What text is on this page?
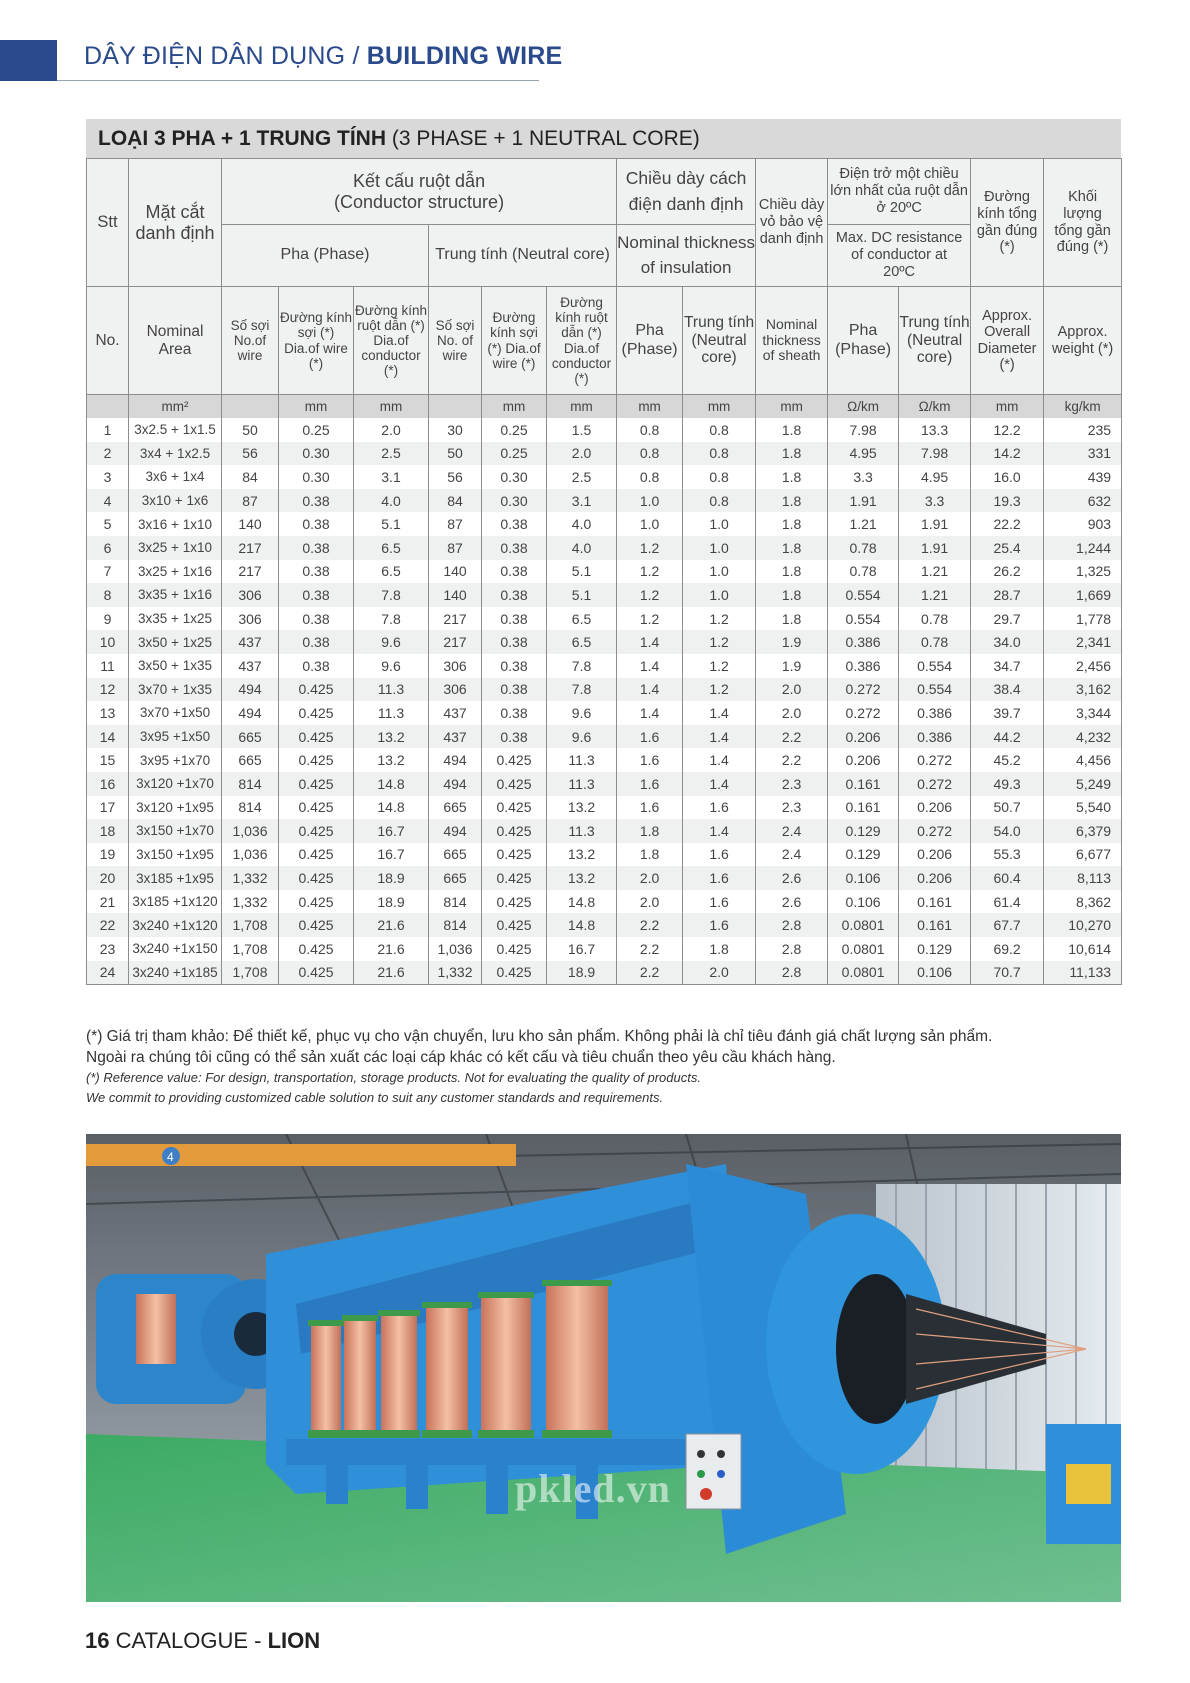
DÂY ĐIỆN DÂN DỤNG / BUILDING WIRE
LOẠI 3 PHA + 1 TRUNG TÍNH (3 PHASE + 1 NEUTRAL CORE)
Stt	Mặt cắt danh định	Kết cấu ruột dẫn
(Conductor structure)						Chiều dày cách điện danh định		Chiều dày vỏ bảo vệ danh định	Điện trở một chiều lớn nhất của ruột dẫn ở 20ºC		Đường kính tổng gần đúng (*)	Khối lượng tổng gần đúng (*)
		Pha (Phase)			Trung tính (Neutral core)			Nominal thickness of insulation			Max. DC resistance of conductor at 20ºC			
No.	Nominal Area	Số sợi No.of wire	Đường kính sợi (*) Dia.of wire (*)	Đường kính ruột dẫn (*) Dia.of conductor (*)	Số sợi No. of wire	Đường kính sợi (*) Dia.of wire (*)	Đường kính ruột dẫn (*) Dia.of conductor (*)	Pha (Phase)	Trung tính (Neutral core)	Nominal thickness of sheath	Pha (Phase)	Trung tính (Neutral core)	Approx. Overall Diameter (*)	Approx. weight (*)
	mm²		mm	mm		mm	mm	mm	mm	mm	Ω/km	Ω/km	mm	kg/km
1	3x2.5 + 1x1.5	50	0.25	2.0	30	0.25	1.5	0.8	0.8	1.8	7.98	13.3	12.2	235
2	3x4 + 1x2.5	56	0.30	2.5	50	0.25	2.0	0.8	0.8	1.8	4.95	7.98	14.2	331
3	3x6 + 1x4	84	0.30	3.1	56	0.30	2.5	0.8	0.8	1.8	3.3	4.95	16.0	439
4	3x10 + 1x6	87	0.38	4.0	84	0.30	3.1	1.0	0.8	1.8	1.91	3.3	19.3	632
5	3x16 + 1x10	140	0.38	5.1	87	0.38	4.0	1.0	1.0	1.8	1.21	1.91	22.2	903
6	3x25 + 1x10	217	0.38	6.5	87	0.38	4.0	1.2	1.0	1.8	0.78	1.91	25.4	1,244
7	3x25 + 1x16	217	0.38	6.5	140	0.38	5.1	1.2	1.0	1.8	0.78	1.21	26.2	1,325
8	3x35 + 1x16	306	0.38	7.8	140	0.38	5.1	1.2	1.0	1.8	0.554	1.21	28.7	1,669
9	3x35 + 1x25	306	0.38	7.8	217	0.38	6.5	1.2	1.2	1.8	0.554	0.78	29.7	1,778
10	3x50 + 1x25	437	0.38	9.6	217	0.38	6.5	1.4	1.2	1.9	0.386	0.78	34.0	2,341
11	3x50 + 1x35	437	0.38	9.6	306	0.38	7.8	1.4	1.2	1.9	0.386	0.554	34.7	2,456
12	3x70 + 1x35	494	0.425	11.3	306	0.38	7.8	1.4	1.2	2.0	0.272	0.554	38.4	3,162
13	3x70 +1x50	494	0.425	11.3	437	0.38	9.6	1.4	1.4	2.0	0.272	0.386	39.7	3,344
14	3x95 +1x50	665	0.425	13.2	437	0.38	9.6	1.6	1.4	2.2	0.206	0.386	44.2	4,232
15	3x95 +1x70	665	0.425	13.2	494	0.425	11.3	1.6	1.4	2.2	0.206	0.272	45.2	4,456
16	3x120 +1x70	814	0.425	14.8	494	0.425	11.3	1.6	1.4	2.3	0.161	0.272	49.3	5,249
17	3x120 +1x95	814	0.425	14.8	665	0.425	13.2	1.6	1.6	2.3	0.161	0.206	50.7	5,540
18	3x150 +1x70	1,036	0.425	16.7	494	0.425	11.3	1.8	1.4	2.4	0.129	0.272	54.0	6,379
19	3x150 +1x95	1,036	0.425	16.7	665	0.425	13.2	1.8	1.6	2.4	0.129	0.206	55.3	6,677
20	3x185 +1x95	1,332	0.425	18.9	665	0.425	13.2	2.0	1.6	2.6	0.106	0.206	60.4	8,113
21	3x185 +1x120	1,332	0.425	18.9	814	0.425	14.8	2.0	1.6	2.6	0.106	0.161	61.4	8,362
22	3x240 +1x120	1,708	0.425	21.6	814	0.425	14.8	2.2	1.6	2.8	0.0801	0.161	67.7	10,270
23	3x240 +1x150	1,708	0.425	21.6	1,036	0.425	16.7	2.2	1.8	2.8	0.0801	0.129	69.2	10,614
24	3x240 +1x185	1,708	0.425	21.6	1,332	0.425	18.9	2.2	2.0	2.8	0.0801	0.106	70.7	11,133
(*) Giá trị tham khảo: Để thiết kế, phục vụ cho vận chuyển, lưu kho sản phẩm. Không phải là chỉ tiêu đánh giá chất lượng sản phẩm.
Ngoài ra chúng tôi cũng có thể sản xuất các loại cáp khác có kết cấu và tiêu chuẩn theo yêu cầu khách hàng.
(*) Reference value: For design, transportation, storage products. Not for evaluating the quality of products.
We commit to providing customized cable solution to suit any customer standards and requirements.
4
pkled.vn
16 CATALOGUE - LION
